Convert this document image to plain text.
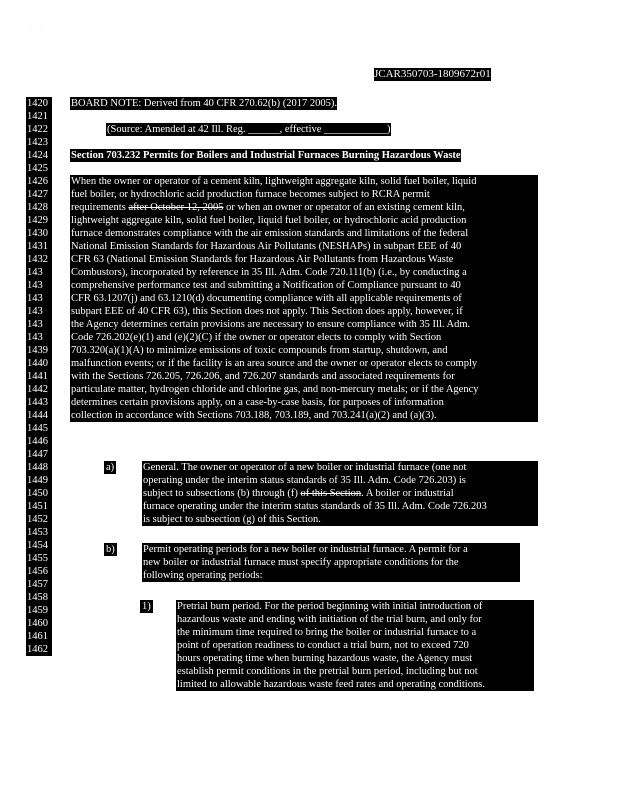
·      ·
JCAR350703-1809672r01
1420
1421
1422
1423
1424
1425
1426
1427
1428
1429
1430
1431
1432
143
143
143
143
143
143
1439
1440
1441
1442
1443
1444
1445
1446
1447
1448
1449
1450
1451
1452
1453
1454
1455
1456
1457
1458
1459
1460
1461
1462
BOARD NOTE: Derived from 40 CFR 270.62(b) (2017 2005).
(Source: Amended at 42 Ill. Reg. ______, effective ____________)
Section 703.232 Permits for Boilers and Industrial Furnaces Burning Hazardous Waste
When the owner or operator of a cement kiln, lightweight aggregate kiln, solid fuel boiler, liquid
fuel boiler, or hydrochloric acid production furnace becomes subject to RCRA permit
requirements after October 12, 2005 or when an owner or operator of an existing cement kiln,
lightweight aggregate kiln, solid fuel boiler, liquid fuel boiler, or hydrochloric acid production
furnace demonstrates compliance with the air emission standards and limitations of the federal
National Emission Standards for Hazardous Air Pollutants (NESHAPs) in subpart EEE of 40
CFR 63 (National Emission Standards for Hazardous Air Pollutants from Hazardous Waste
Combustors), incorporated by reference in 35 Ill. Adm. Code 720.111(b) (i.e., by conducting a
comprehensive performance test and submitting a Notification of Compliance pursuant to 40
CFR 63.1207(j) and 63.1210(d) documenting compliance with all applicable requirements of
subpart EEE of 40 CFR 63), this Section does not apply. This Section does apply, however, if
the Agency determines certain provisions are necessary to ensure compliance with 35 Ill. Adm.
Code 726.202(e)(1) and (e)(2)(C) if the owner or operator elects to comply with Section
703.320(a)(1)(A) to minimize emissions of toxic compounds from startup, shutdown, and
malfunction events; or if the facility is an area source and the owner or operator elects to comply
with the Sections 726.205, 726.206, and 726.207 standards and associated requirements for
particulate matter, hydrogen chloride and chlorine gas, and non-mercury metals; or if the Agency
determines certain provisions apply, on a case-by-case basis, for purposes of information
collection in accordance with Sections 703.188, 703.189, and 703.241(a)(2) and (a)(3).
a)	General. The owner or operator of a new boiler or industrial furnace (one not
operating under the interim status standards of 35 Ill. Adm. Code 726.203) is
subject to subsections (b) through (f) of this Section. A boiler or industrial
furnace operating under the interim status standards of 35 Ill. Adm. Code 726.203
is subject to subsection (g) of this Section.
b)	Permit operating periods for a new boiler or industrial furnace. A permit for a
new boiler or industrial furnace must specify appropriate conditions for the
following operating periods:
1)	Pretrial burn period. For the period beginning with initial introduction of
hazardous waste and ending with initiation of the trial burn, and only for
the minimum time required to bring the boiler or industrial furnace to a
point of operation readiness to conduct a trial burn, not to exceed 720
hours operating time when burning hazardous waste, the Agency must
establish permit conditions in the pretrial burn period, including but not
limited to allowable hazardous waste feed rates and operating conditions.
